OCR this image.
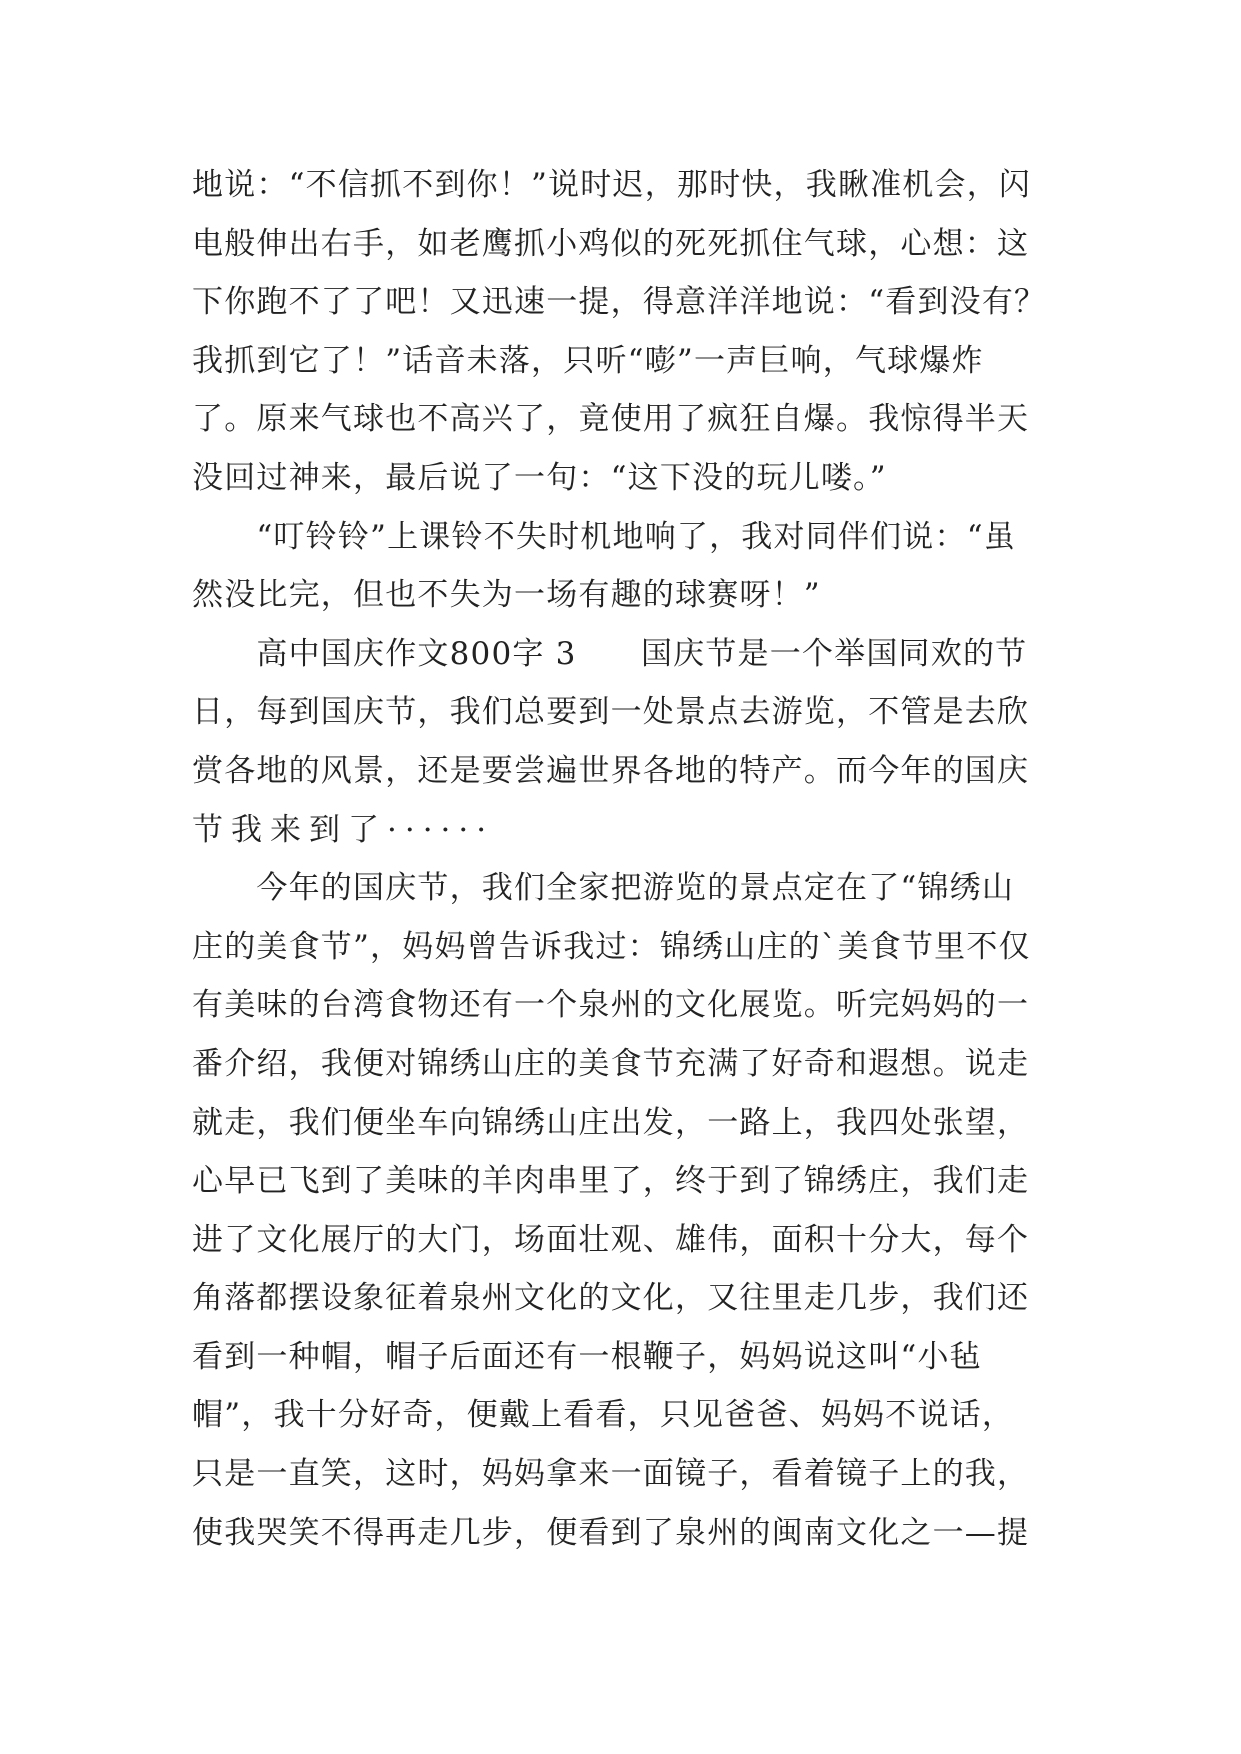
地说：“不信抓不到你！”说时迟，那时快，我瞅准机会，闪
电般伸出右手，如老鹰抓小鸡似的死死抓住气球，心想：这
下你跑不了了吧！又迅速一提，得意洋洋地说：“看到没有？
我抓到它了！”话音未落，只听“嘭”一声巨响，气球爆炸
了。原来气球也不高兴了，竟使用了疯狂自爆。我惊得半天
没回过神来，最后说了一句：“这下没的玩儿喽。”
　　“叮铃铃”上课铃不失时机地响了，我对同伴们说：“虽
然没比完，但也不失为一场有趣的球赛呀！”
　　高中国庆作文800字 3　　国庆节是一个举国同欢的节
日，每到国庆节，我们总要到一处景点去游览，不管是去欣
赏各地的风景，还是要尝遍世界各地的特产。而今年的国庆
节我来到了······
　　今年的国庆节，我们全家把游览的景点定在了“锦绣山
庄的美食节”，妈妈曾告诉我过：锦绣山庄的`美食节里不仅
有美味的台湾食物还有一个泉州的文化展览。听完妈妈的一
番介绍，我便对锦绣山庄的美食节充满了好奇和遐想。说走
就走，我们便坐车向锦绣山庄出发，一路上，我四处张望，
心早已飞到了美味的羊肉串里了，终于到了锦绣庄，我们走
进了文化展厅的大门，场面壮观、雄伟，面积十分大，每个
角落都摆设象征着泉州文化的文化，又往里走几步，我们还
看到一种帽，帽子后面还有一根鞭子，妈妈说这叫“小毡
帽”，我十分好奇，便戴上看看，只见爸爸、妈妈不说话，
只是一直笑，这时，妈妈拿来一面镜子，看着镜子上的我，
使我哭笑不得再走几步，便看到了泉州的闽南文化之一—提
